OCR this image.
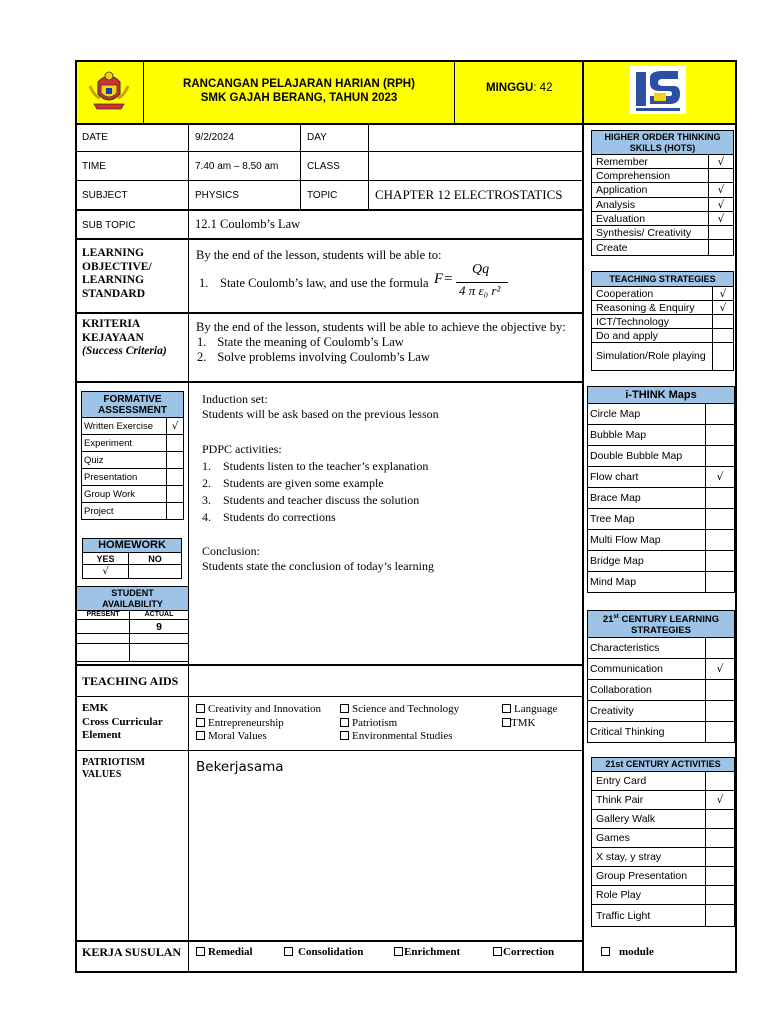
RANCANGAN PELAJARAN HARIAN (RPH)
SMK GAJAH BERANG, TAHUN 2023
MINGGU: 42
DATE	9/2/2024	DAY
TIME	7.40 am – 8.50 am	CLASS
SUBJECT	PHYSICS	TOPIC	CHAPTER 12 ELECTROSTATICS
SUB TOPIC	12.1 Coulomb’s Law
LEARNING
OBJECTIVE/
LEARNING
STANDARD
By the end of the lesson, students will be able to:
1. State Coulomb’s law, and use the formula F =
Qq
4 π ε₀ r²
KRITERIA
KEJAYAAN
(Success Criteria)
By the end of the lesson, students will be able to achieve the objective by:
1. State the meaning of Coulomb’s Law
2. Solve problems involving Coulomb’s Law
FORMATIVE ASSESSMENT	
Written Exercise	√
Experiment	
Quiz	
Presentation	
Group Work	
Project	
HOMEWORK	
YES	NO
√	
STUDENT AVAILABILITY	
PRESENT	ACTUAL
	9

Induction set:
Students will be ask based on the previous lesson
PDPC activities:
1. Students listen to the teacher’s explanation
2. Students are given some example
3. Students and teacher discuss the solution
4. Students do corrections
Conclusion:
Students state the conclusion of today’s learning
TEACHING AIDS
EMK
Cross Curricular
Element
Creativity and Innovation
Entrepreneurship
Moral Values
Science and Technology
Patriotism
Environmental Studies
Language
TMK
PATRIOTISM
VALUES	Bekerjasama
KERJA SUSULAN	Remedial	Consolidation	Enrichment	Correction	module
HIGHER ORDER THINKING SKILLS (HOTS)	
Remember	√
Comprehension	
Application	√
Analysis	√
Evaluation	√
Synthesis/ Creativity	
Create	
TEACHING STRATEGIES	
Cooperation	√
Reasoning & Enquiry	√
ICT/Technology	
Do and apply	
Simulation/Role playing	
i-THINK Maps	
Circle Map	
Bubble Map	
Double Bubble Map	
Flow chart	√
Brace Map	
Tree Map	
Multi Flow Map	
Bridge Map	
Mind Map	
21st CENTURY LEARNING STRATEGIES	
Characteristics	
Communication	√
Collaboration	
Creativity	
Critical Thinking	
21st CENTURY ACTIVITIES	
Entry Card	
Think Pair	√
Gallery Walk	
Games	
X stay, y stray	
Group Presentation	
Role Play	
Traffic Light	
